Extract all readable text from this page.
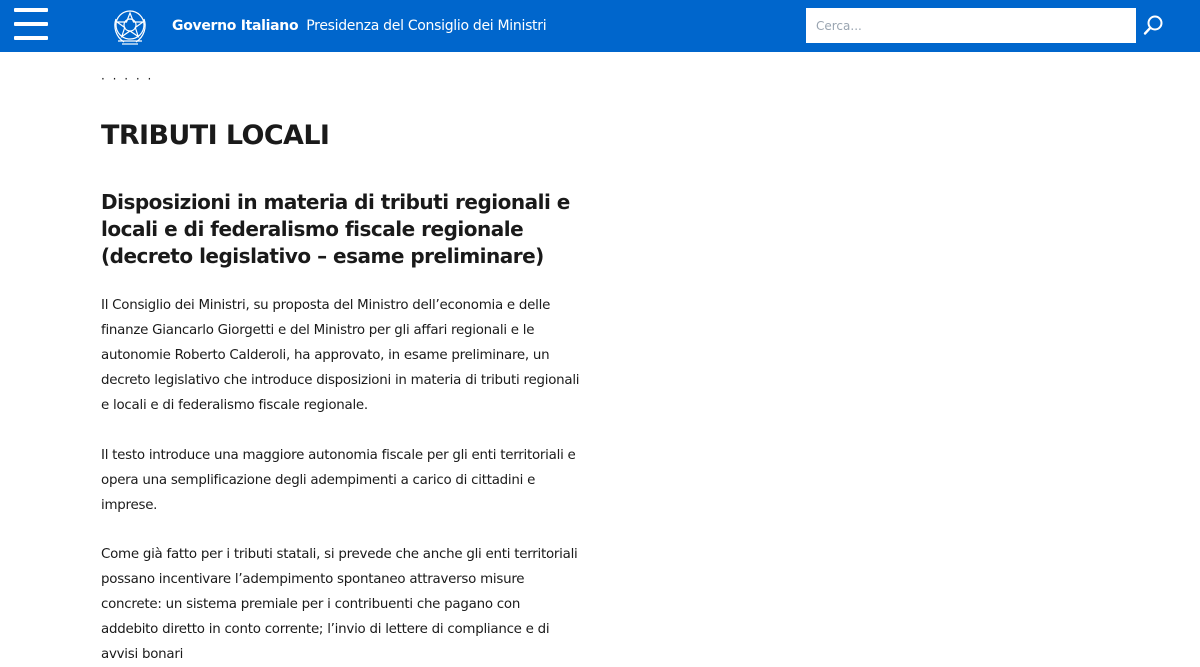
Governo Italiano Presidenza del Consiglio dei Ministri
Cerca...
· · · · ·
TRIBUTI LOCALI
Disposizioni in materia di tributi regionali e locali e di federalismo fiscale regionale (decreto legislativo – esame preliminare)

Il Consiglio dei Ministri, su proposta del Ministro dell’economia e delle finanze Giancarlo Giorgetti e del Ministro per gli affari regionali e le autonomie Roberto Calderoli, ha approvato, in esame preliminare, un decreto legislativo che introduce disposizioni in materia di tributi regionali e locali e di federalismo fiscale regionale.

Il testo introduce una maggiore autonomia fiscale per gli enti territoriali e opera una semplificazione degli adempimenti a carico di cittadini e imprese.

Come già fatto per i tributi statali, si prevede che anche gli enti territoriali possano incentivare l’adempimento spontaneo attraverso misure concrete: un sistema premiale per i contribuenti che pagano con addebito diretto in conto corrente; l’invio di lettere di compliance e di avvisi bonari
